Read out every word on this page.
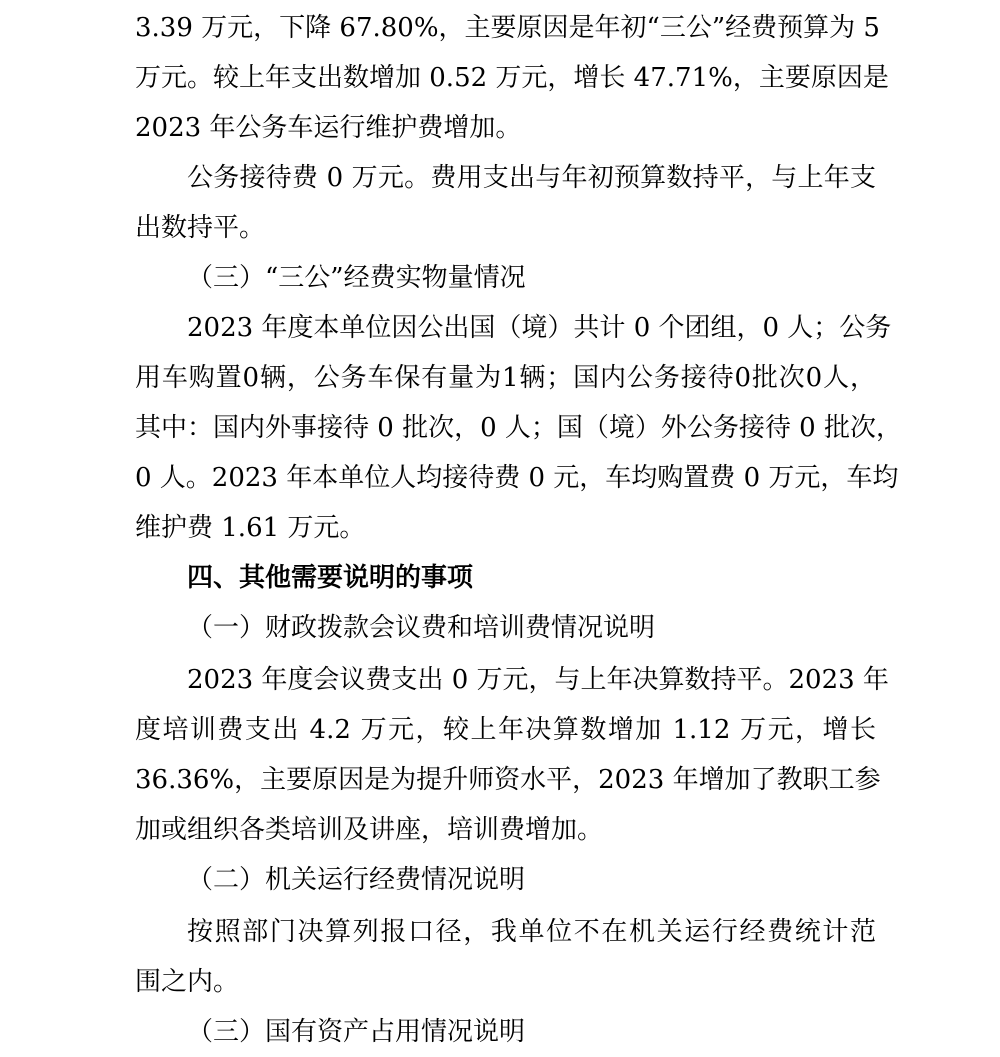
3.39 万元，下降 67.80%，主要原因是年初“三公”经费预算为 5
万元。较上年支出数增加 0.52 万元，增长 47.71%，主要原因是
2023 年公务车运行维护费增加。
公务接待费 0 万元。费用支出与年初预算数持平，与上年支
出数持平。
（三）“三公”经费实物量情况
2023 年度本单位因公出国（境）共计 0 个团组，0 人；公务
用车购置0辆，公务车保有量为1辆；国内公务接待0批次0人，
其中：国内外事接待 0 批次，0 人；国（境）外公务接待 0 批次，
0 人。2023 年本单位人均接待费 0 元，车均购置费 0 万元，车均
维护费 1.61 万元。
四、其他需要说明的事项
（一）财政拨款会议费和培训费情况说明
2023 年度会议费支出 0 万元，与上年决算数持平。2023 年
度培训费支出 4.2 万元，较上年决算数增加 1.12 万元，增长
36.36%，主要原因是为提升师资水平，2023 年增加了教职工参
加或组织各类培训及讲座，培训费增加。
（二）机关运行经费情况说明
按照部门决算列报口径，我单位不在机关运行经费统计范
围之内。
（三）国有资产占用情况说明
